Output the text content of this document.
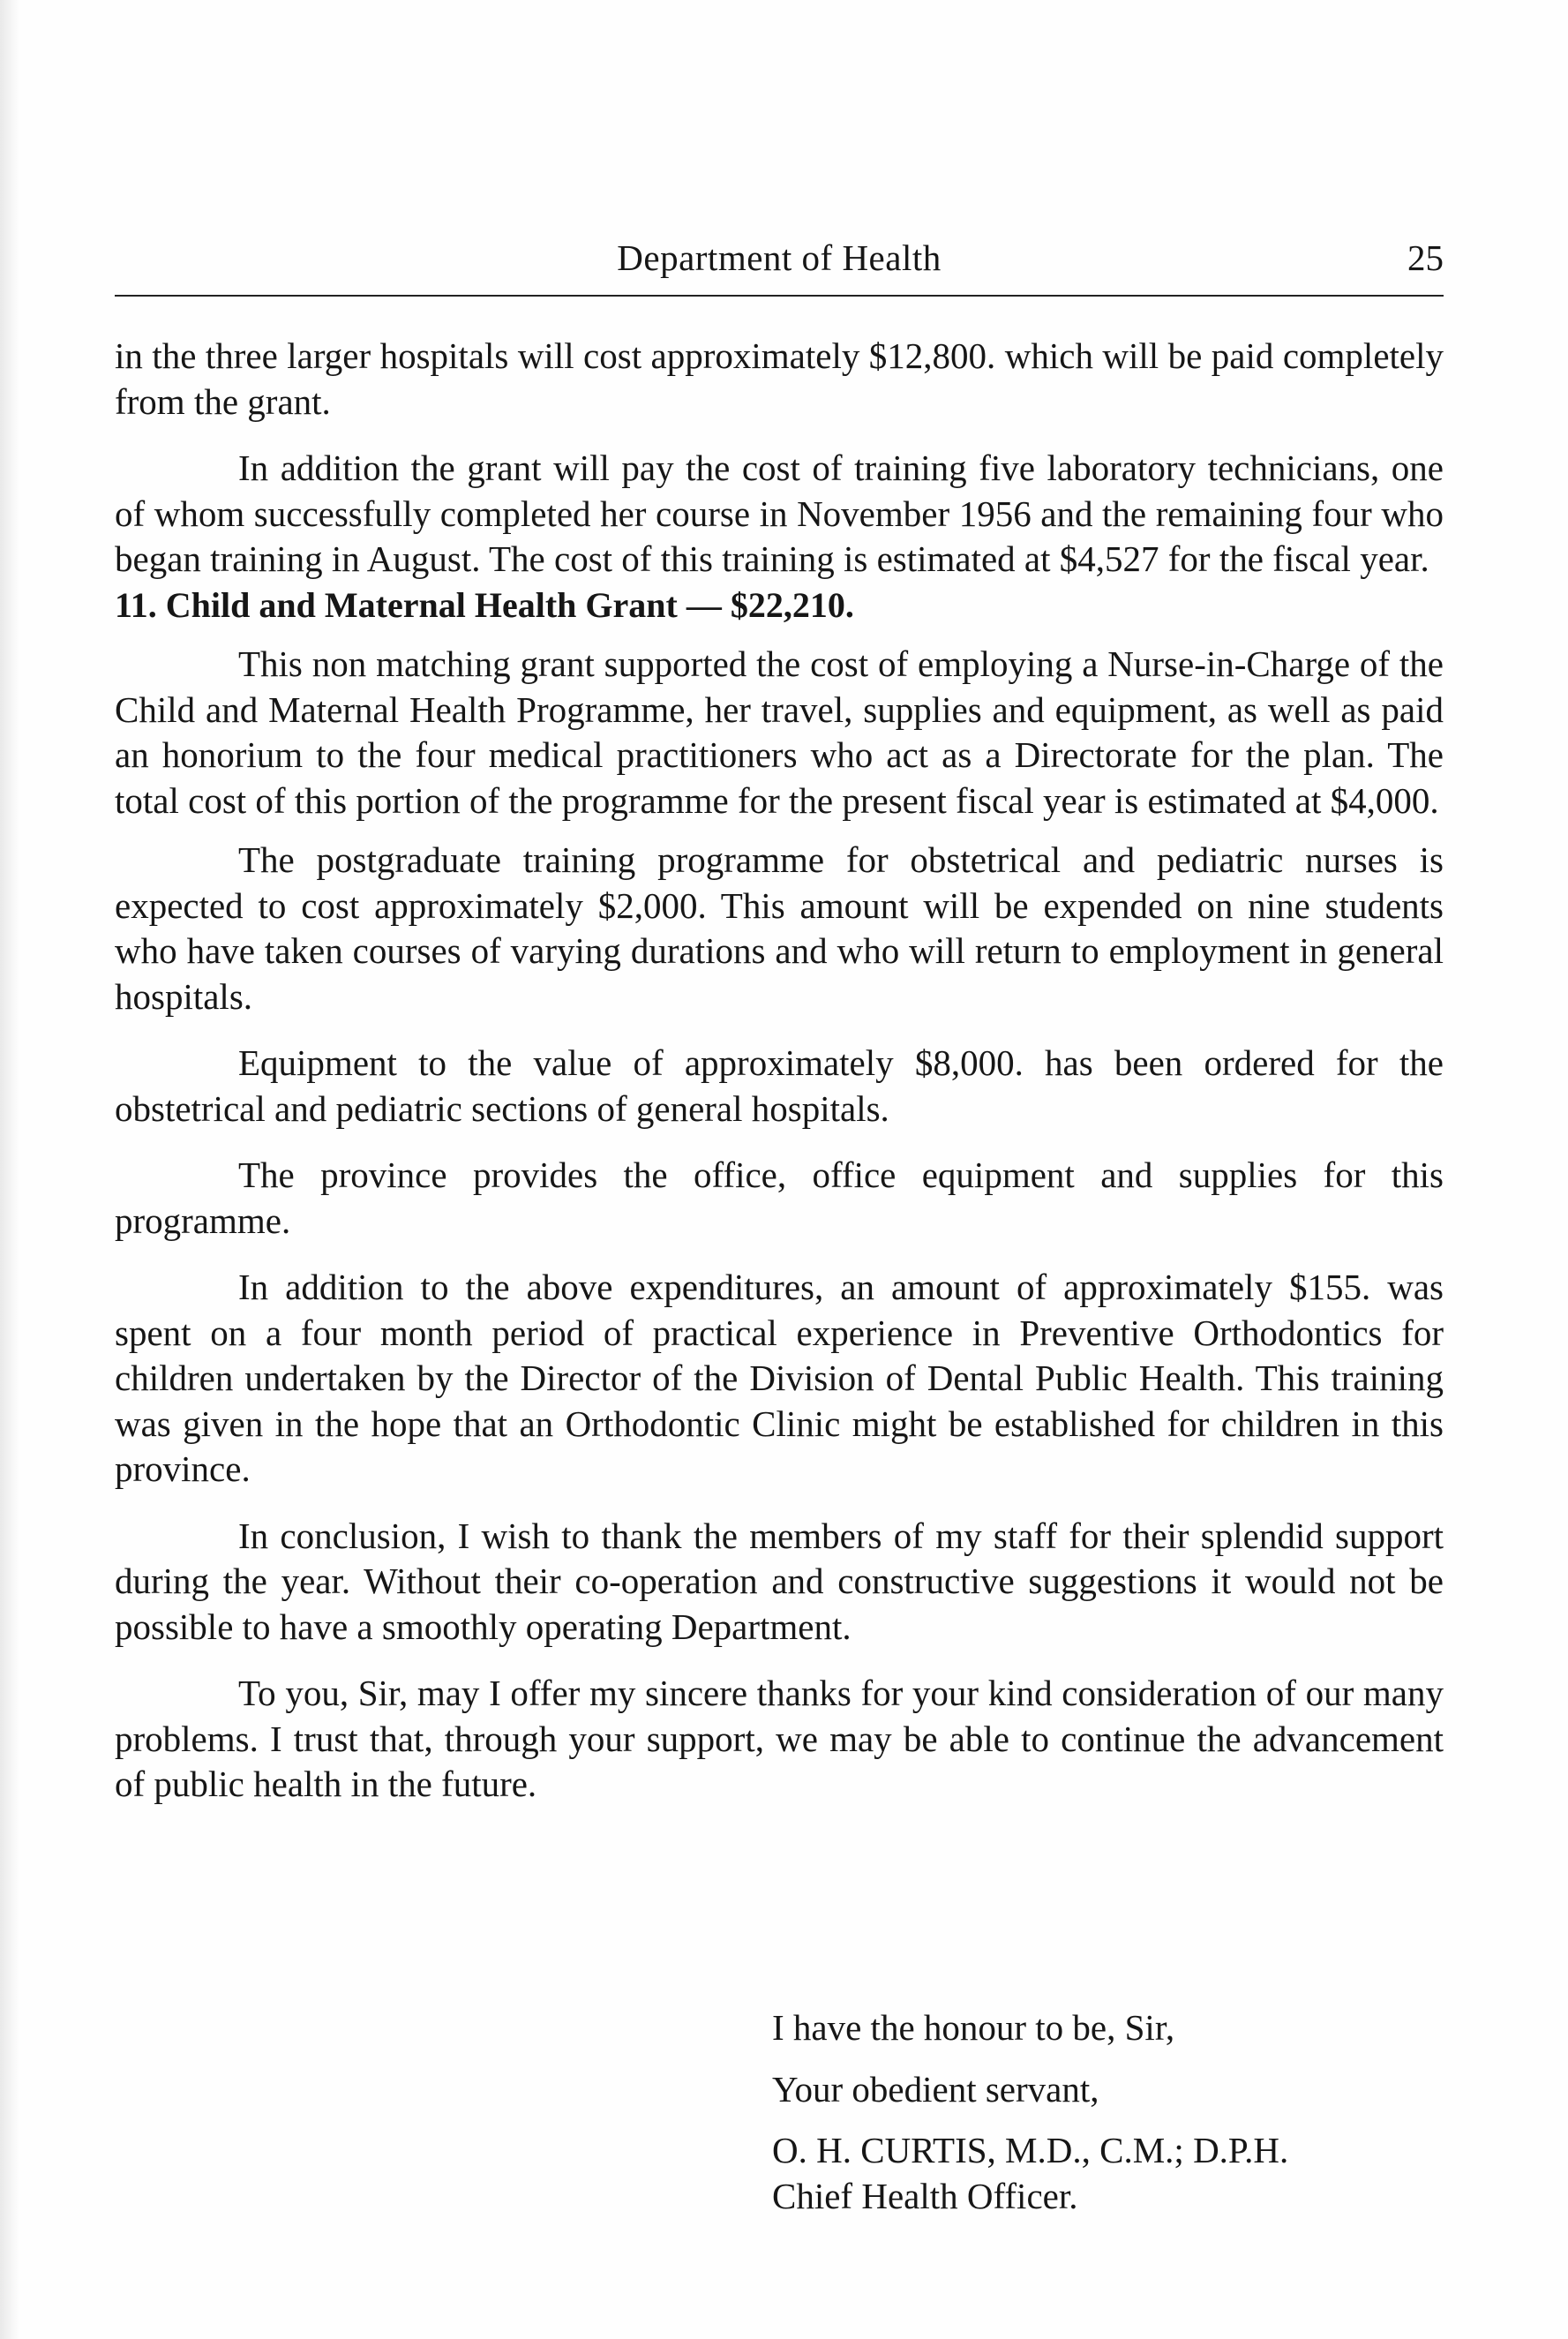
Department of Health	25

in the three larger hospitals will cost approximately $12,800. which will be paid completely from the grant.

In addition the grant will pay the cost of training five laboratory technicians, one of whom successfully completed her course in November 1956 and the remaining four who began training in August. The cost of this training is estimated at $4,527 for the fiscal year.

11. Child and Maternal Health Grant — $22,210.

This non matching grant supported the cost of employing a Nurse-in-Charge of the Child and Maternal Health Programme, her travel, supplies and equipment, as well as paid an honorium to the four medical practitioners who act as a Directorate for the plan. The total cost of this portion of the programme for the present fiscal year is estimated at $4,000.

The postgraduate training programme for obstetrical and pediatric nurses is expected to cost approximately $2,000. This amount will be expended on nine students who have taken courses of varying durations and who will return to employment in general hospitals.

Equipment to the value of approximately $8,000. has been ordered for the obstetrical and pediatric sections of general hospitals.

The province provides the office, office equipment and supplies for this programme.

In addition to the above expenditures, an amount of approximately $155. was spent on a four month period of practical experience in Preventive Orthodontics for children undertaken by the Director of the Division of Dental Public Health. This training was given in the hope that an Orthodontic Clinic might be established for children in this province.

In conclusion, I wish to thank the members of my staff for their splendid support during the year. Without their co-operation and constructive suggestions it would not be possible to have a smoothly operating Department.

To you, Sir, may I offer my sincere thanks for your kind consideration of our many problems. I trust that, through your support, we may be able to continue the advancement of public health in the future.

I have the honour to be, Sir,
Your obedient servant,
O. H. CURTIS, M.D., C.M.; D.P.H.
Chief Health Officer.
